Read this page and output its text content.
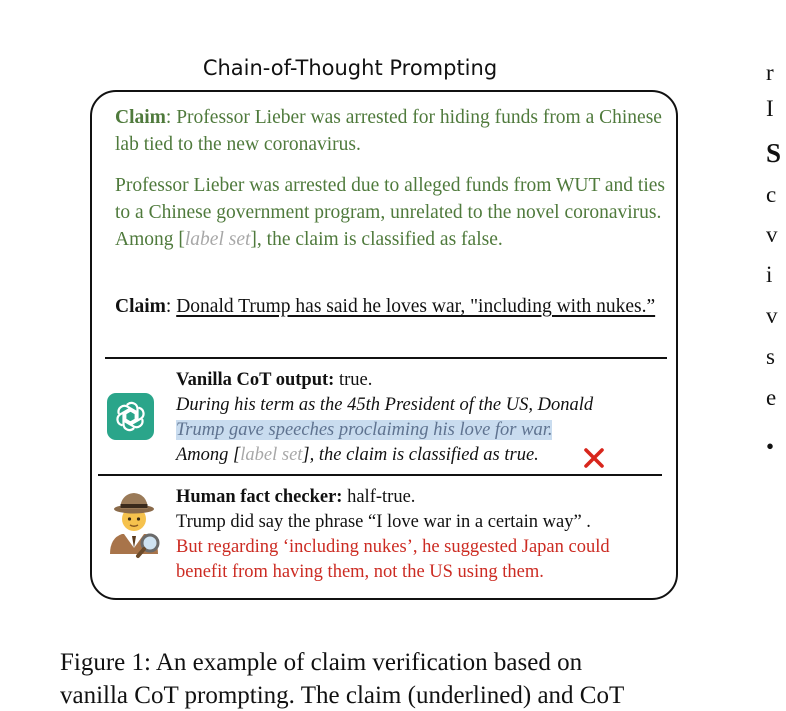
Chain-of-Thought Prompting
Claim: Professor Lieber was arrested for hiding funds from a Chinese lab tied to the new coronavirus.
Professor Lieber was arrested due to alleged funds from WUT and ties to a Chinese government program, unrelated to the novel coronavirus. Among [label set], the claim is classified as false.
Claim: Donald Trump has said he loves war, "including with nukes.”
Vanilla CoT output: true.
During his term as the 45th President of the US, Donald
Trump gave speeches proclaiming his love for war.
Among [label set], the claim is classified as true.
Human fact checker: half-true.
Trump did say the phrase “I love war in a certain way” .
But regarding ‘including nukes’, he suggested Japan could benefit from having them, not the US using them.
r
I
S
c
v
i
v
s
e
•
Figure 1: An example of claim verification based on
vanilla CoT prompting. The claim (underlined) and CoT
